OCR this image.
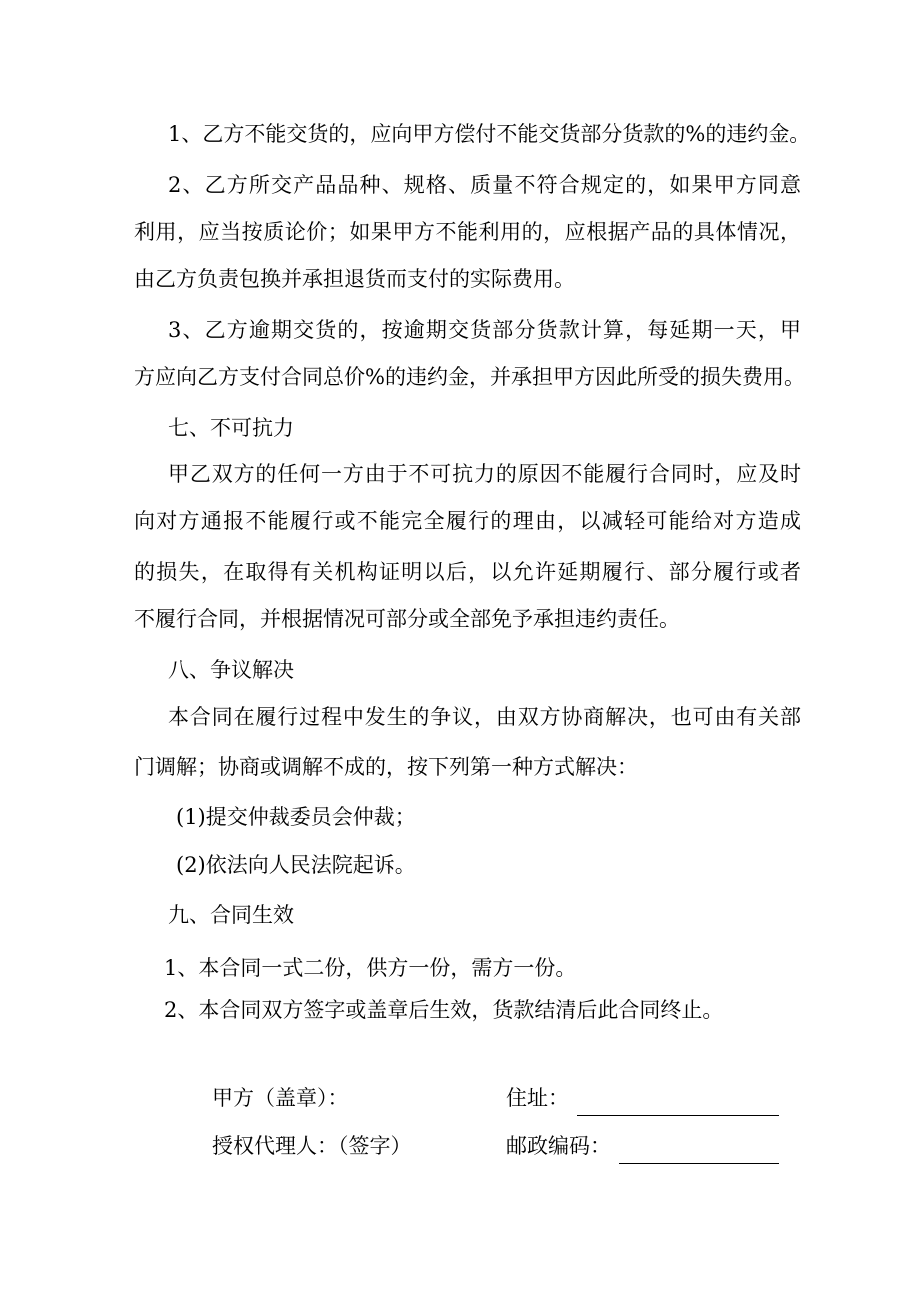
1、乙方不能交货的，应向甲方偿付不能交货部分货款的%的违约金。
2、乙方所交产品品种、规格、质量不符合规定的，如果甲方同意
利用，应当按质论价；如果甲方不能利用的，应根据产品的具体情况，
由乙方负责包换并承担退货而支付的实际费用。
3、乙方逾期交货的，按逾期交货部分货款计算，每延期一天，甲
方应向乙方支付合同总价%的违约金，并承担甲方因此所受的损失费用。
七、不可抗力
甲乙双方的任何一方由于不可抗力的原因不能履行合同时，应及时
向对方通报不能履行或不能完全履行的理由，以减轻可能给对方造成
的损失，在取得有关机构证明以后，以允许延期履行、部分履行或者
不履行合同，并根据情况可部分或全部免予承担违约责任。
八、争议解决
本合同在履行过程中发生的争议，由双方协商解决，也可由有关部
门调解；协商或调解不成的，按下列第一种方式解决：
(1)提交仲裁委员会仲裁；
(2)依法向人民法院起诉。
九、合同生效
1、本合同一式二份，供方一份，需方一份。
2、本合同双方签字或盖章后生效，货款结清后此合同终止。
甲方（盖章）：	住址：
授权代理人：（签字）	邮政编码：
